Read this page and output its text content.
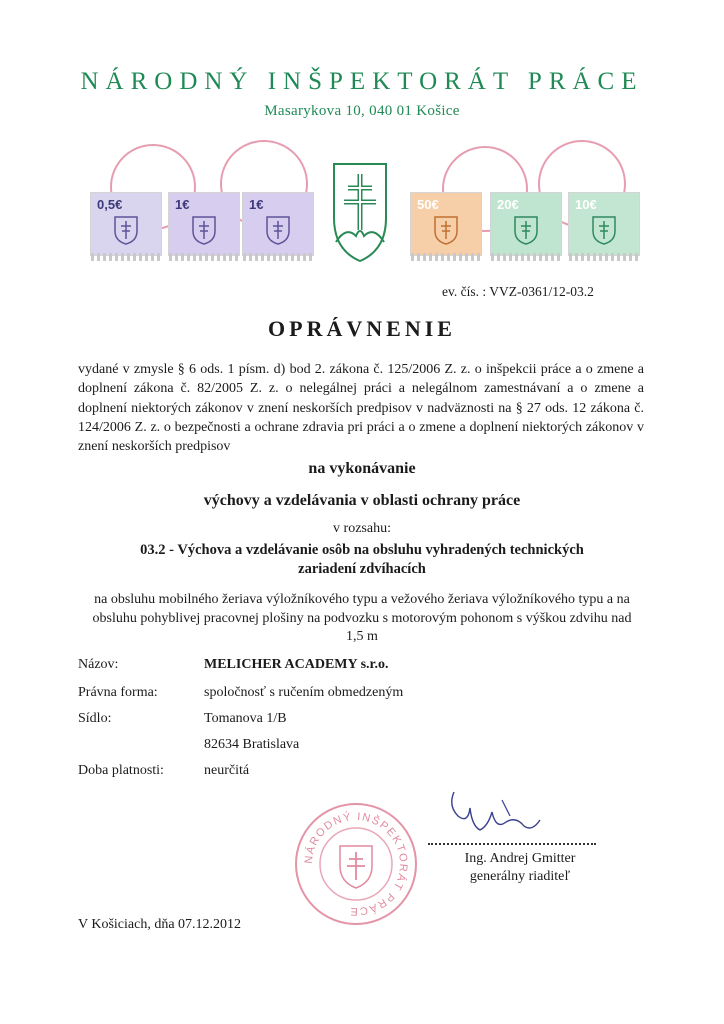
NÁRODNÝ INŠPEKTORÁT PRÁCE
Masarykova 10, 040 01 Košice
0,5€	1€	1€	50€	20€	10€
ev. čís. : VVZ-0361/12-03.2
OPRÁVNENIE
vydané v zmysle § 6 ods. 1 písm. d) bod 2. zákona č. 125/2006 Z. z. o inšpekcii práce a o zmene a doplnení zákona č. 82/2005 Z. z. o nelegálnej práci a nelegálnom zamestnávaní a o zmene a doplnení niektorých zákonov v znení neskorších predpisov v nadväznosti na § 27 ods. 12 zákona č. 124/2006 Z. z. o bezpečnosti a ochrane zdravia pri práci a o zmene a doplnení niektorých zákonov v znení neskorších predpisov
na vykonávanie
výchovy a vzdelávania v oblasti ochrany práce
v rozsahu:
03.2 - Výchova a vzdelávanie osôb na obsluhu vyhradených technických zariadení zdvíhacích
na obsluhu mobilného žeriava výložníkového typu a vežového žeriava výložníkového typu a na obsluhu pohyblivej pracovnej plošiny na podvozku s motorovým pohonom s výškou zdvihu nad 1,5 m
Názov:	MELICHER ACADEMY s.r.o.
Právna forma:	spoločnosť s ručením obmedzeným
Sídlo:	Tomanova 1/B
82634 Bratislava
Doba platnosti:	neurčitá
NÁRODNÝ INŠPEKTORÁT PRÁCE
Ing. Andrej Gmitter
generálny riaditeľ
V Košiciach, dňa 07.12.2012
